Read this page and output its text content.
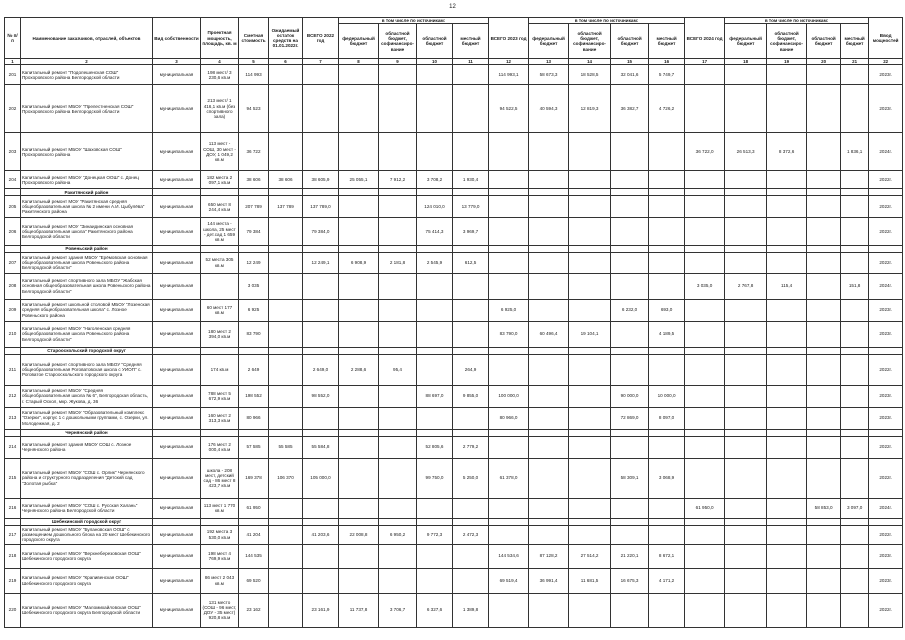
12
№ п/п	Наименование заказчиков, отраслей, объектов	Вид собственности	Проектная мощность, площадь, кв. м	Сметная стоимость	Ожидаемый остаток средств на 01.01.2022г.	ВСЕГО 2022 год	в том числе по источникам:				ВСЕГО 2023 год	в том числе по источникам:				ВСЕГО 2024 год	в том числе по источникам:				Ввод мощностей
							федеральный бюджет	областной бюджет, софинансиро-вание	областной бюджет	местный бюджет		федеральный бюджет	областной бюджет, софинансиро-вание	областной бюджет	местный бюджет		федеральный бюджет	областной бюджет, софинансиро-вание	областной бюджет	местный бюджет	
1	2	3	4	5	6	7	8	9	10	11	12	13	14	15	16	17	18	19	20	21	22
201	Капитальный ремонт "Подолешенская СОШ" Прохоровского района Белгородской области	муниципальная	198 мест/ 3 230,6 кв.м	114 993							114 993,1	58 673,3	18 528,5	32 041,6	5 749,7						2023г.
202	Капитальный ремонт МБОУ "Прелестненская СОШ" Прохоровского района Белгородской области	муниципальная	213 мест/ 1 416,1 кв.м (без спортивного зала)	94 523							94 522,5	40 594,3	12 819,3	36 382,7	4 726,2						2023г.
203	Капитальный ремонт МБОУ "Шаховская СОШ" Прохоровского района	муниципальная	113 мест - СОШ, 30 мест - ДОУ, 1 049,2 кв.м	36 722												36 722,0	26 513,3	8 372,6		1 836,1	2024г.
204	Капитальный ремонт МБОУ "Донецкая ООШ" с. Донец Прохоровского района	муниципальная	182 места 2 097,1 кв.м	38 606	38 606	38 605,9	25 055,1	7 912,2	3 708,2	1 930,4											2022г.
	Ракитянский район																				
205	Капитальный ремонт МОУ "Ракитянская средняя общеобразовательная школа № 2 имени А.И. Цыбулёва" Ракитянского района	муниципальная	650 мест 8 244,4 кв.м	207 789	137 789	137 789,0			124 010,0	13 779,0											2022г.
206	Капитальный ремонт МОУ "Зинаидинская основная общеобразовательная школа" Ракитянского района Белгородской области	муниципальная	144 места - школа, 25 мест - дет.сад 1 659 кв.м	79 384		79 384,0			75 414,3	3 969,7											2022г.
	Ровеньский район																				
207	Капитальный ремонт здания МБОУ "Ерёмовская основная общеобразовательная школа Ровеньского района Белгородской области"	муниципальная	52 места 305 кв.м	12 249		12 249,1	6 908,9	2 181,8	2 545,9	612,5											2022г.
208	Капитальный ремонт спортивного зала МБОУ "Жабская основная общеобразовательная школа Ровеньского района Белгородской области"	муниципальная		3 035												3 035,0	2 767,8	115,4		151,8	2024г.
209	Капитальный ремонт школьной столовой МБОУ "Лозенская средняя общеобразовательная школа" с. Лозное Ровеньского района	муниципальная	60 мест 177 кв.м	6 925							6 925,0			6 232,0	693,0						2023г.
210	Капитальный ремонт МБОУ "Наголенская средняя общеобразовательная школа Ровеньского района Белгородской области"	муниципальная	180 мест 2 394,0 кв.м	83 790							83 790,0	60 496,4	19 104,1		4 189,5						2023г.
	Старооскольский городской округ																				
211	Капитальный ремонт спортивного зала МБОУ "Средняя общеобразовательная Роговатовская школа с УИОП" с. Роговатое Старооскольского городского округа	муниципальная	174 кв.м	2 649		2 649,0	2 288,6	95,4		264,9											2022г.
212	Капитальный ремонт МБОУ "Средняя общеобразовательная школа № 6", Белгородская область, г. Старый Оскол, мкр. Жукова, д. 36	муниципальная	788 мест 5 672,9 кв.м	198 552		98 552,0			88 697,0	9 855,0	100 000,0			90 000,0	10 000,0						2023г.
213	Капитальный ремонт МБОУ "Образовательный комплекс "Озерки", корпус 1 с дошкольными группами, с. Озерки, ул. Молодежная, д. 2	муниципальная	160 мест 2 313,3 кв.м	80 966							80 966,0			72 869,0	8 097,0						2023г.
	Чернянский район																				
214	Капитальный ремонт здания МБОУ СОШ с. Лозное Чернянского района	муниципальная	176 мест 2 000,4 кв.м	57 585	55 585	55 584,8			52 805,6	2 779,2											2022г.
215	Капитальный ремонт МБОУ "СОШ с. Орлик" Чернянского района и структурного подразделения "Детский сад "Золотая рыбка"	муниципальная	школа - 208 мест, детский сад - 86 мест 8 423,7 кв.м	169 378	106 370	105 000,0			99 750,0	5 250,0	61 378,0			58 309,1	3 068,9						2022г.
216	Капитальный ремонт МБОУ "СОШ с. Русская Халань" Чернянского района Белгородской области	муниципальная	113 мест 1 770 кв.м	61 950												61 950,0			58 853,0	3 097,0	2024г.
	Шебекинский городской округ																				
217	Капитальный ремонт МБОУ "Булановская ООШ" с размещением дошкольного блока на 20 мест Шебекинского городского округа	муниципальная	192 места 3 530,0 кв.м	41 204		41 203,6	22 008,8	6 950,2	9 772,3	2 472,3											2022г.
218	Капитальный ремонт МБОУ "Верхнеберезовская ООШ" Шебекинского городского округа	муниципальная	198 мест 4 769,9 кв.м	144 535							144 534,6	87 128,2	27 514,2	21 220,1	8 672,1						2023г.
219	Капитальный ремонт МБОУ "Крапивенская ООШ" Шебекинского городского округа	муниципальная	86 мест 2 043 кв.м	69 520							69 519,4	36 991,4	11 681,5	16 675,3	4 171,2						2023г.
220	Капитальный ремонт МБОУ "Маломихайловская ООШ" Шебекинского городского округа Белгородской области	муниципальная	131 место (СОШ - 96 мест, ДОУ - 35 мест) 920,8 кв.м	23 162		23 161,9	11 737,8	3 706,7	6 327,6	1 389,8											2022г.
